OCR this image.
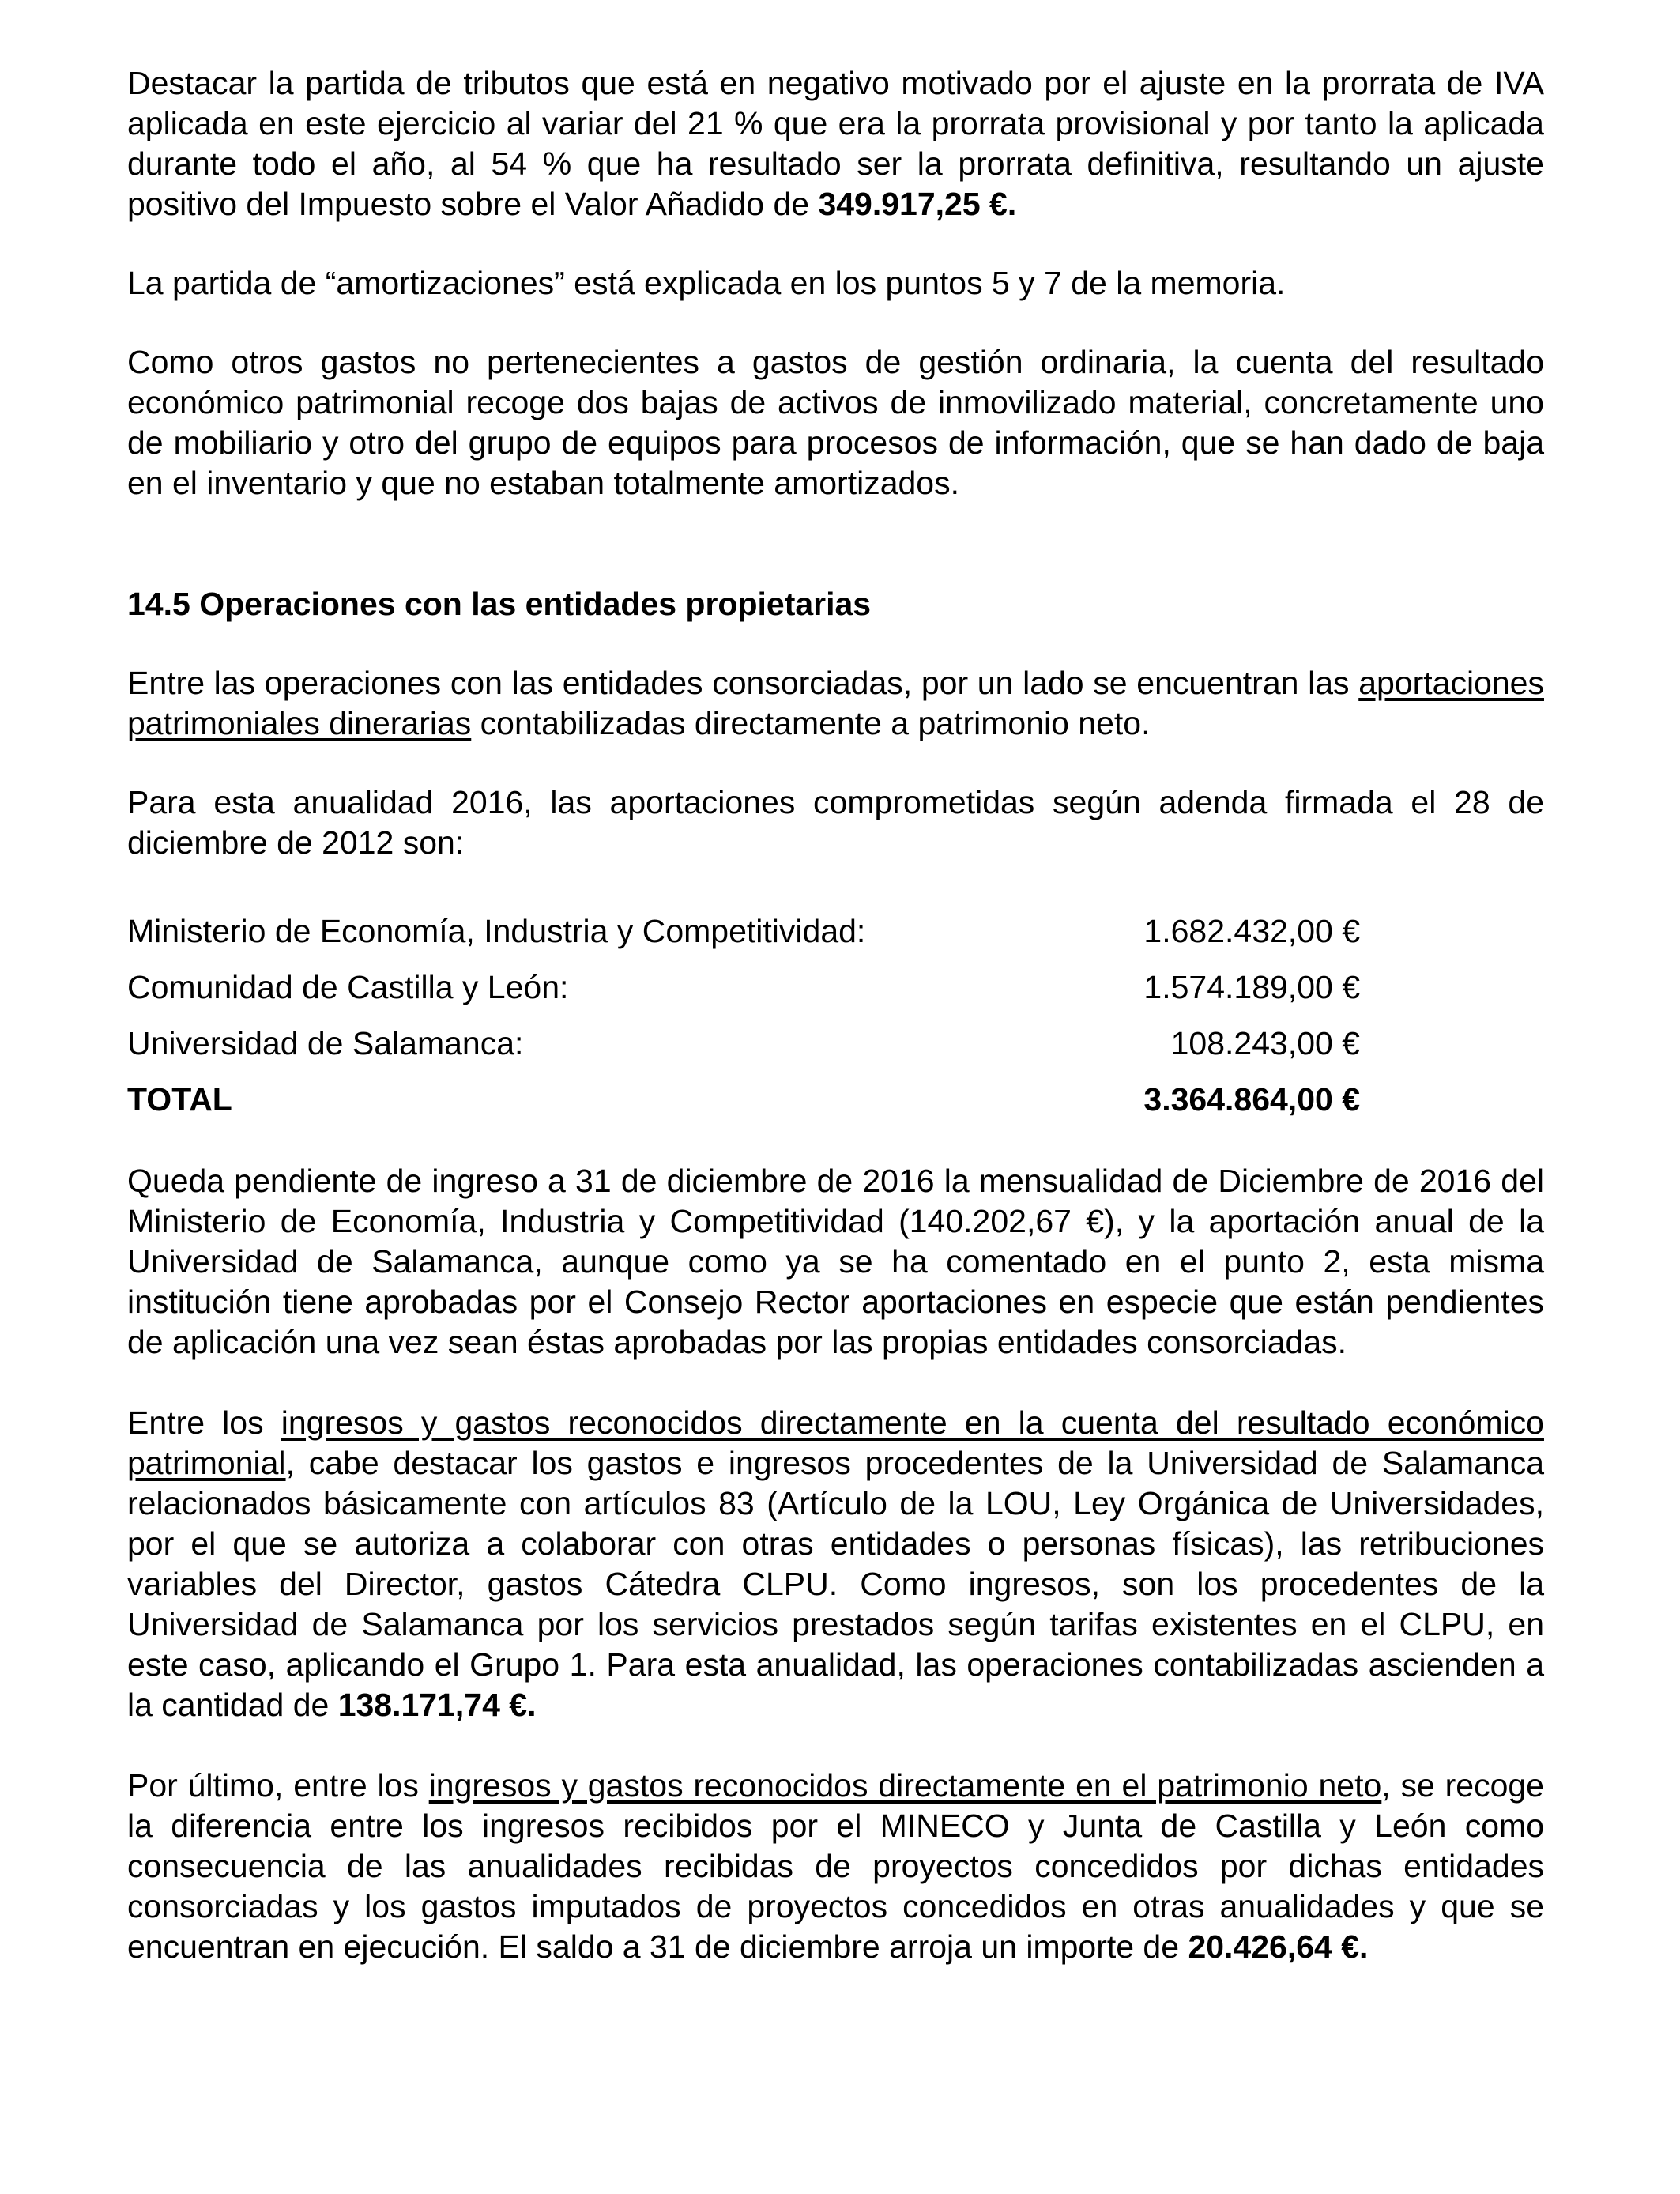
Destacar la partida de tributos que está en negativo motivado por el ajuste en la prorrata de IVA aplicada en este ejercicio al variar del 21 % que era la prorrata provisional y por tanto la aplicada durante todo el año, al 54 % que ha resultado ser la prorrata definitiva, resultando un ajuste positivo del Impuesto sobre el Valor Añadido de 349.917,25 €.

La partida de “amortizaciones” está explicada en los puntos 5 y 7 de la memoria.

Como otros gastos no pertenecientes a gastos de gestión ordinaria, la cuenta del resultado económico patrimonial recoge dos bajas de activos de inmovilizado material, concretamente uno de mobiliario y otro del grupo de equipos para procesos de información, que se han dado de baja en el inventario y que no estaban totalmente amortizados.

14.5 Operaciones con las entidades propietarias

Entre las operaciones con las entidades consorciadas, por un lado se encuentran las aportaciones patrimoniales dinerarias contabilizadas directamente a patrimonio neto.

Para esta anualidad 2016, las aportaciones comprometidas según adenda firmada el 28 de diciembre de 2012 son:

Ministerio de Economía, Industria y Competitividad:	1.682.432,00 €
Comunidad de Castilla y León:	1.574.189,00 €
Universidad de Salamanca:	108.243,00 €
TOTAL	3.364.864,00 €

Queda pendiente de ingreso a 31 de diciembre de 2016 la mensualidad de Diciembre de 2016 del Ministerio de Economía, Industria y Competitividad (140.202,67 €), y la aportación anual de la Universidad de Salamanca, aunque como ya se ha comentado en el punto 2, esta misma institución tiene aprobadas por el Consejo Rector aportaciones en especie que están pendientes de aplicación una vez sean éstas aprobadas por las propias entidades consorciadas.

Entre los ingresos y gastos reconocidos directamente en la cuenta del resultado económico patrimonial, cabe destacar los gastos e ingresos procedentes de la Universidad de Salamanca relacionados básicamente con artículos 83 (Artículo de la LOU, Ley Orgánica de Universidades, por el que se autoriza a colaborar con otras entidades o personas físicas), las retribuciones variables del Director, gastos Cátedra CLPU. Como ingresos, son los procedentes de la Universidad de Salamanca por los servicios prestados según tarifas existentes en el CLPU, en este caso, aplicando el Grupo 1. Para esta anualidad, las operaciones contabilizadas ascienden a la cantidad de 138.171,74 €.

Por último, entre los ingresos y gastos reconocidos directamente en el patrimonio neto, se recoge la diferencia entre los ingresos recibidos por el MINECO y Junta de Castilla y León como consecuencia de las anualidades recibidas de proyectos concedidos por dichas entidades consorciadas y los gastos imputados de proyectos concedidos en otras anualidades y que se encuentran en ejecución. El saldo a 31 de diciembre arroja un importe de 20.426,64 €.
